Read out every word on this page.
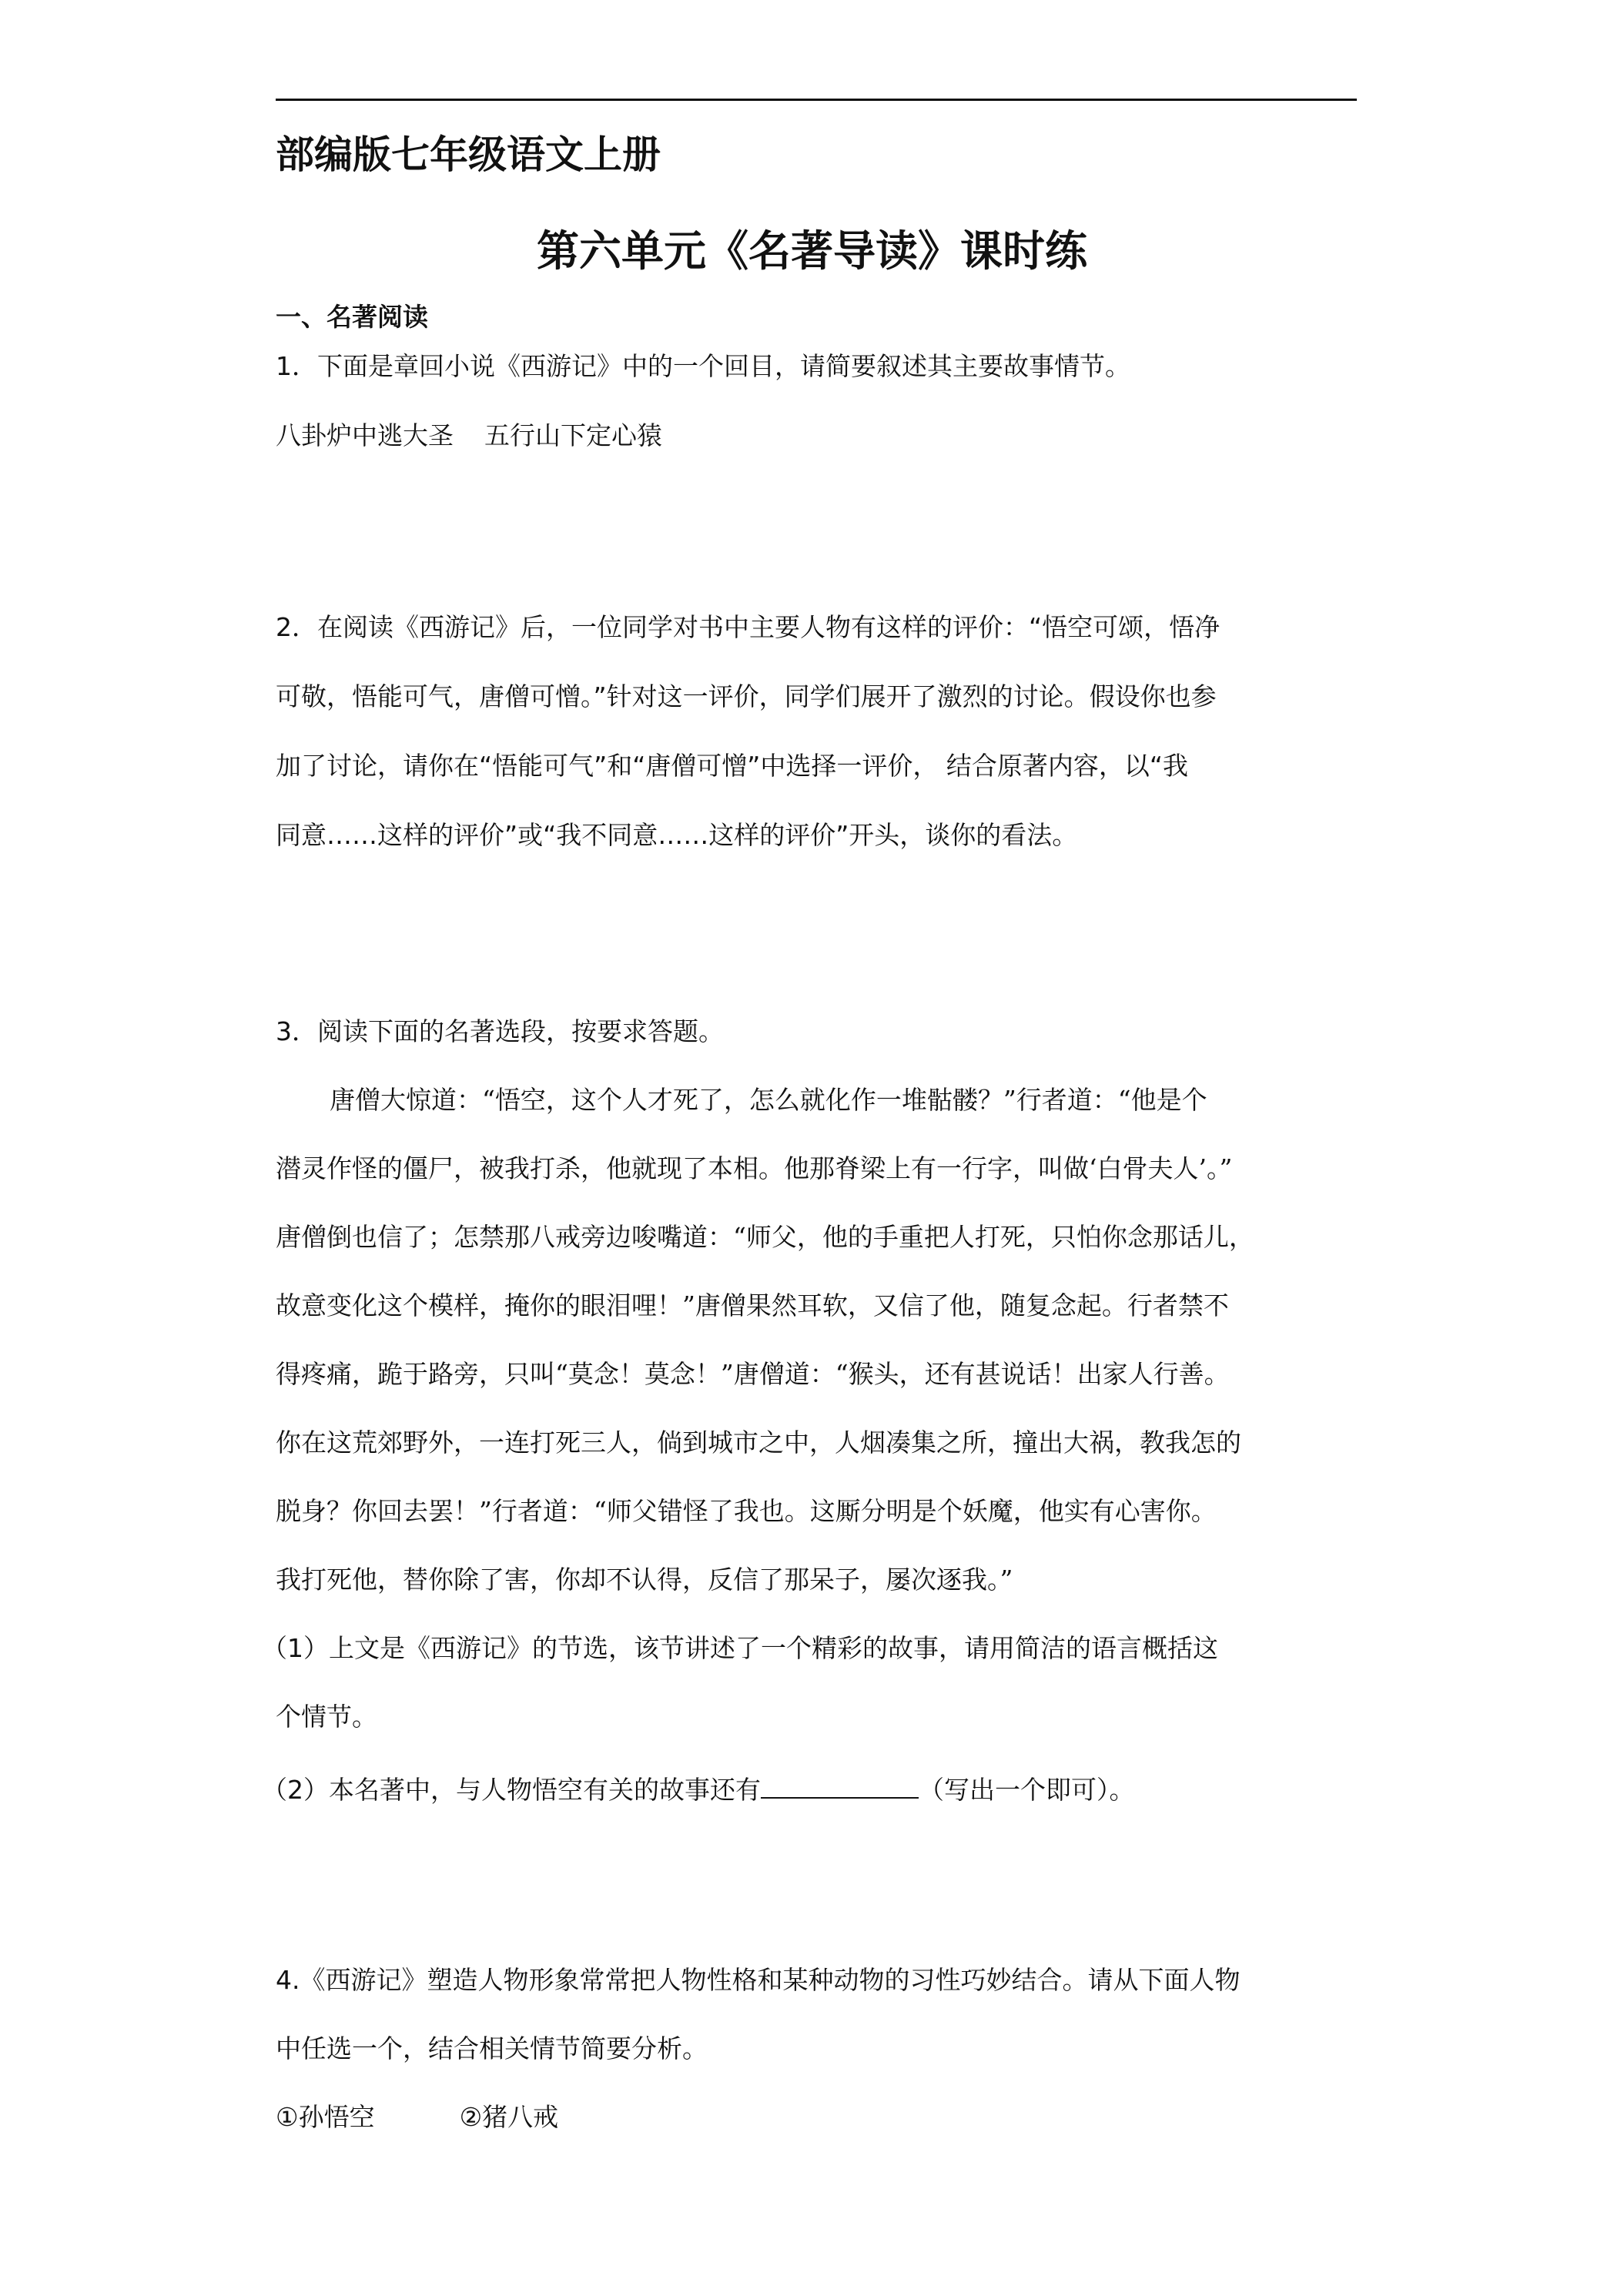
部编版七年级语文上册
第六单元《名著导读》课时练
一、名著阅读
1．下面是章回小说《西游记》中的一个回目，请简要叙述其主要故事情节。
八卦炉中逃大圣 五行山下定心猿
2．在阅读《西游记》后，一位同学对书中主要人物有这样的评价：“悟空可颂，悟净
可敬，悟能可气，唐僧可憎。”针对这一评价，同学们展开了激烈的讨论。假设你也参
加了讨论，请你在“悟能可气”和“唐僧可憎”中选择一评价， 结合原著内容，以“我
同意……这样的评价”或“我不同意……这样的评价”开头，谈你的看法。
3．阅读下面的名著选段，按要求答题。
唐僧大惊道：“悟空，这个人才死了，怎么就化作一堆骷髅？”行者道：“他是个
潜灵作怪的僵尸，被我打杀，他就现了本相。他那脊梁上有一行字，叫做‘白骨夫人’。”
唐僧倒也信了；怎禁那八戒旁边唆嘴道：“师父，他的手重把人打死，只怕你念那话儿，
故意变化这个模样，掩你的眼泪哩！”唐僧果然耳软，又信了他，随复念起。行者禁不
得疼痛，跪于路旁，只叫“莫念！莫念！”唐僧道：“猴头，还有甚说话！出家人行善。
你在这荒郊野外，一连打死三人，倘到城市之中，人烟凑集之所，撞出大祸，教我怎的
脱身？你回去罢！”行者道：“师父错怪了我也。这厮分明是个妖魔，他实有心害你。
我打死他，替你除了害，你却不认得，反信了那呆子，屡次逐我。”
（1）上文是《西游记》的节选，该节讲述了一个精彩的故事，请用简洁的语言概括这
个情节。
（2）本名著中，与人物悟空有关的故事还有	（写出一个即可）。
4.《西游记》塑造人物形象常常把人物性格和某种动物的习性巧妙结合。请从下面人物
中任选一个，结合相关情节简要分析。
①孙悟空	②猪八戒
